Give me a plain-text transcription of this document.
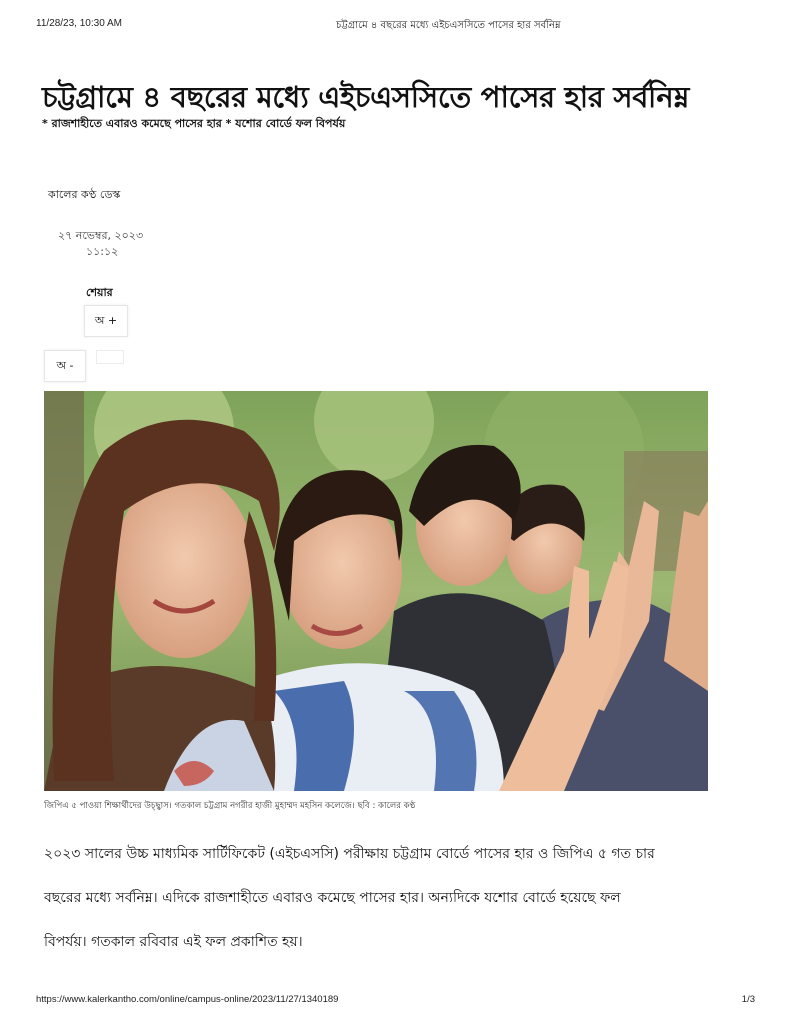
11/28/23, 10:30 AM	চট্টগ্রামে ৪ বছরের মধ্যে এইচএসসিতে পাসের হার সর্বনিম্ন
চট্টগ্রামে ৪ বছরের মধ্যে এইচএসসিতে পাসের হার সর্বনিম্ন
* রাজশাহীতে এবারও কমেছে পাসের হার * যশোর বোর্ডে ফল বিপর্যয়
কালের কণ্ঠ ডেস্ক
২৭ নভেম্বর, ২০২৩
১১:১২
শেয়ার
অ +
অ -
জিপিএ ৫ পাওয়া শিক্ষার্থীদের উচ্ছ্বাস। গতকাল চট্টগ্রাম নগরীর হাজী মুহাম্মদ মহসিন কলেজে। ছবি : কালের কণ্ঠ

২০২৩ সালের উচ্চ মাধ্যমিক সার্টিফিকেট (এইচএসসি) পরীক্ষায় চট্টগ্রাম বোর্ডে পাসের হার ও জিপিএ ৫ গত চার

বছরের মধ্যে সর্বনিম্ন। এদিকে রাজশাহীতে এবারও কমেছে পাসের হার। অন্যদিকে যশোর বোর্ডে হয়েছে ফল

বিপর্যয়। গতকাল রবিবার এই ফল প্রকাশিত হয়।

https://www.kalerkantho.com/online/campus-online/2023/11/27/1340189	1/3
